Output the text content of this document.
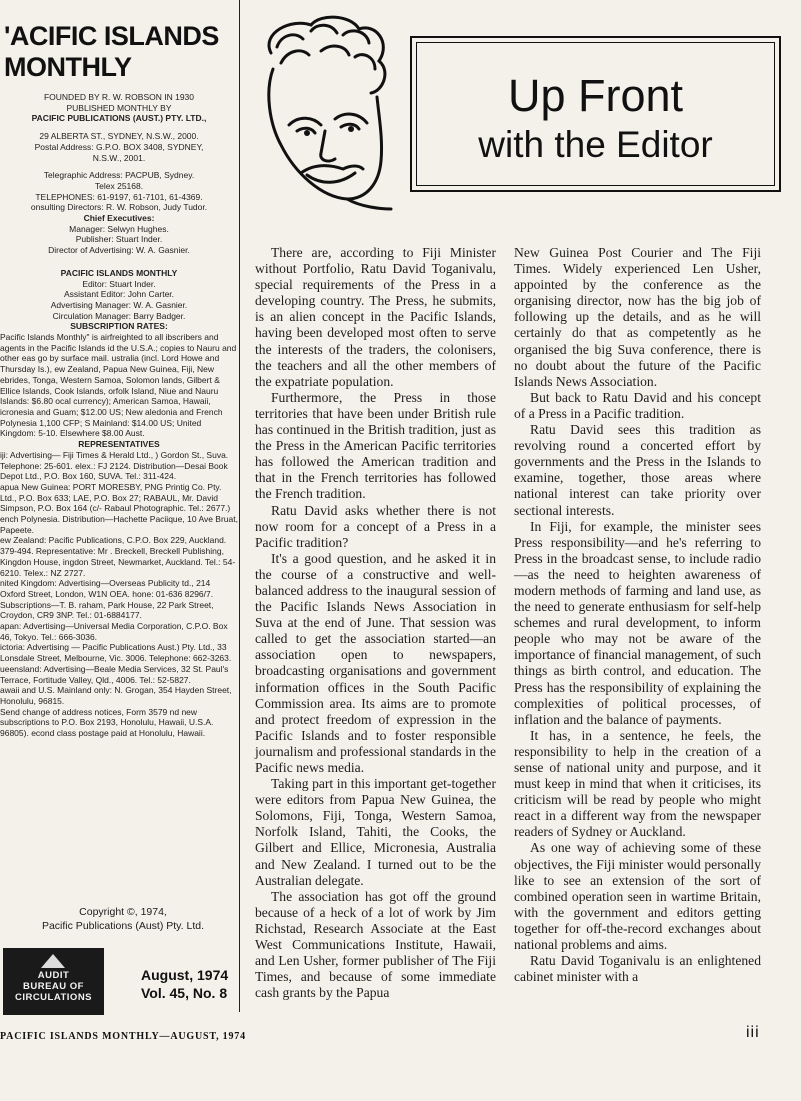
'ACIFIC ISLANDS
MONTHLY
FOUNDED BY R. W. ROBSON IN 1930
PUBLISHED MONTHLY BY
PACIFIC PUBLICATIONS (AUST.) PTY. LTD.,
29 ALBERTA ST., SYDNEY, N.S.W., 2000.
Postal Address: G.P.O. BOX 3408, SYDNEY,
N.S.W., 2001.
Telegraphic Address: PACPUB, Sydney.
Telex 25168.
TELEPHONES: 61-9197, 61-7101, 61-4369.
onsulting Directors: R. W. Robson, Judy Tudor.
Chief Executives:
Manager: Selwyn Hughes.
Publisher: Stuart Inder.
Director of Advertising: W. A. Gasnier.
PACIFIC ISLANDS MONTHLY
Editor: Stuart Inder.
Assistant Editor: John Carter.
Advertising Manager: W. A. Gasnier.
Circulation Manager: Barry Badger.
SUBSCRIPTION RATES:
Pacific Islands Monthly" is airfreighted to all ibscribers and agents in the Pacific Islands id the U.S.A.; copies to Nauru and other eas go by surface mail. ustralia (incl. Lord Howe and Thursday Is.), ew Zealand, Papua New Guinea, Fiji, New ebrides, Tonga, Western Samoa, Solomon lands, Gilbert & Ellice Islands, Cook Islands, orfolk Island, Niue and Nauru Islands: $6.80 ocal currency); American Samoa, Hawaii, icronesia and Guam; $12.00 US; New aledonia and French Polynesia 1,100 CFP; S Mainland: $14.00 US; United Kingdom: 5-10. Elsewhere $8.00 Aust.
REPRESENTATIVES
iji: Advertising— Fiji Times & Herald Ltd., ) Gordon St., Suva. Telephone: 25-601. elex.: FJ 2124. Distribution—Desai Book Depot Ltd., P.O. Box 160, SUVA. Tel.: 311-424.
apua New Guinea: PORT MORESBY, PNG Printig Co. Pty. Ltd., P.O. Box 633; LAE, P.O. Box 27; RABAUL, Mr. David Simpson, P.O. Box 164 (c/- Rabaul Photographic. Tel.: 2677.)
ench Polynesia. Distribution—Hachette Paciique, 10 Ave Bruat, Papeete.
ew Zealand: Pacific Publications, C.P.O. Box 229, Auckland. 379-494. Representative: Mr . Breckell, Breckell Publishing, Kingdon House, ingdon Street, Newmarket, Auckland. Tel.: 54-6210. Telex.: NZ 2727.
nited Kingdom: Advertising—Overseas Publicity td., 214 Oxford Street, London, W1N OEA. hone: 01-636 8296/7. Subscriptions—T. B. raham, Park House, 22 Park Street, Croydon, CR9 3NP. Tel.: 01-6884177.
apan: Advertising—Universal Media Corporation, C.P.O. Box 46, Tokyo. Tel.: 666-3036.
ictoria: Advertising — Pacific Publications Aust.) Pty. Ltd., 33 Lonsdale Street, Melbourne, Vic. 3006. Telephone: 662-3263.
ueensland: Advertising—Beale Media Services, 32 St. Paul's Terrace, Fortitude Valley, Qld., 4006. Tel.: 52-5827.
awaii and U.S. Mainland only: N. Grogan, 354 Hayden Street, Honolulu, 96815.
Send change of address notices, Form 3579 nd new subscriptions to P.O. Box 2193, Honolulu, Hawaii, U.S.A. 96805). econd class postage paid at Honolulu, Hawaii.
Copyright ©, 1974,
Pacific Publications (Aust) Pty. Ltd.
AUDIT
BUREAU OF
CIRCULATIONS
August, 1974
Vol. 45, No. 8
Up Front
with the Editor

There are, according to Fiji Minister without Portfolio, Ratu David Toganivalu, special requirements of the Press in a developing country. The Press, he submits, is an alien concept in the Pacific Islands, having been developed most often to serve the interests of the traders, the colonisers, the teachers and all the other members of the expatriate population.

Furthermore, the Press in those territories that have been under British rule has continued in the British tradition, just as the Press in the American Pacific territories has followed the American tradition and that in the French territories has followed the French tradition.

Ratu David asks whether there is not now room for a concept of a Press in a Pacific tradition?

It's a good question, and he asked it in the course of a constructive and well-balanced address to the inaugural session of the Pacific Islands News Association in Suva at the end of June. That session was called to get the association started—an association open to newspapers, broadcasting organisations and government information offices in the South Pacific Commission area. Its aims are to promote and protect freedom of expression in the Pacific Islands and to foster responsible journalism and professional standards in the Pacific news media.

Taking part in this important get-together were editors from Papua New Guinea, the Solomons, Fiji, Tonga, Western Samoa, Norfolk Island, Tahiti, the Cooks, the Gilbert and Ellice, Micronesia, Australia and New Zealand. I turned out to be the Australian delegate.

The association has got off the ground because of a heck of a lot of work by Jim Richstad, Research Associate at the East West Communications Institute, Hawaii, and Len Usher, former publisher of The Fiji Times, and because of some immediate cash grants by the Papua

New Guinea Post Courier and The Fiji Times. Widely experienced Len Usher, appointed by the conference as the organising director, now has the big job of following up the details, and as he will certainly do that as competently as he organised the big Suva conference, there is no doubt about the future of the Pacific Islands News Association.

But back to Ratu David and his concept of a Press in a Pacific tradition.

Ratu David sees this tradition as revolving round a concerted effort by governments and the Press in the Islands to examine, together, those areas where national interest can take priority over sectional interests.

In Fiji, for example, the minister sees Press responsibility—and he's referring to Press in the broadcast sense, to include radio—as the need to heighten awareness of modern methods of farming and land use, as the need to generate enthusiasm for self-help schemes and rural development, to inform people who may not be aware of the importance of financial management, of such things as birth control, and education. The Press has the responsibility of explaining the complexities of political processes, of inflation and the balance of payments.

It has, in a sentence, he feels, the responsibility to help in the creation of a sense of national unity and purpose, and it must keep in mind that when it criticises, its criticism will be read by people who might react in a different way from the newspaper readers of Sydney or Auckland.

As one way of achieving some of these objectives, the Fiji minister would personally like to see an extension of the sort of combined operation seen in wartime Britain, with the government and editors getting together for off-the-record exchanges about national problems and aims.

Ratu David Toganivalu is an enlightened cabinet minister with a

PACIFIC ISLANDS MONTHLY—AUGUST, 1974	iii
